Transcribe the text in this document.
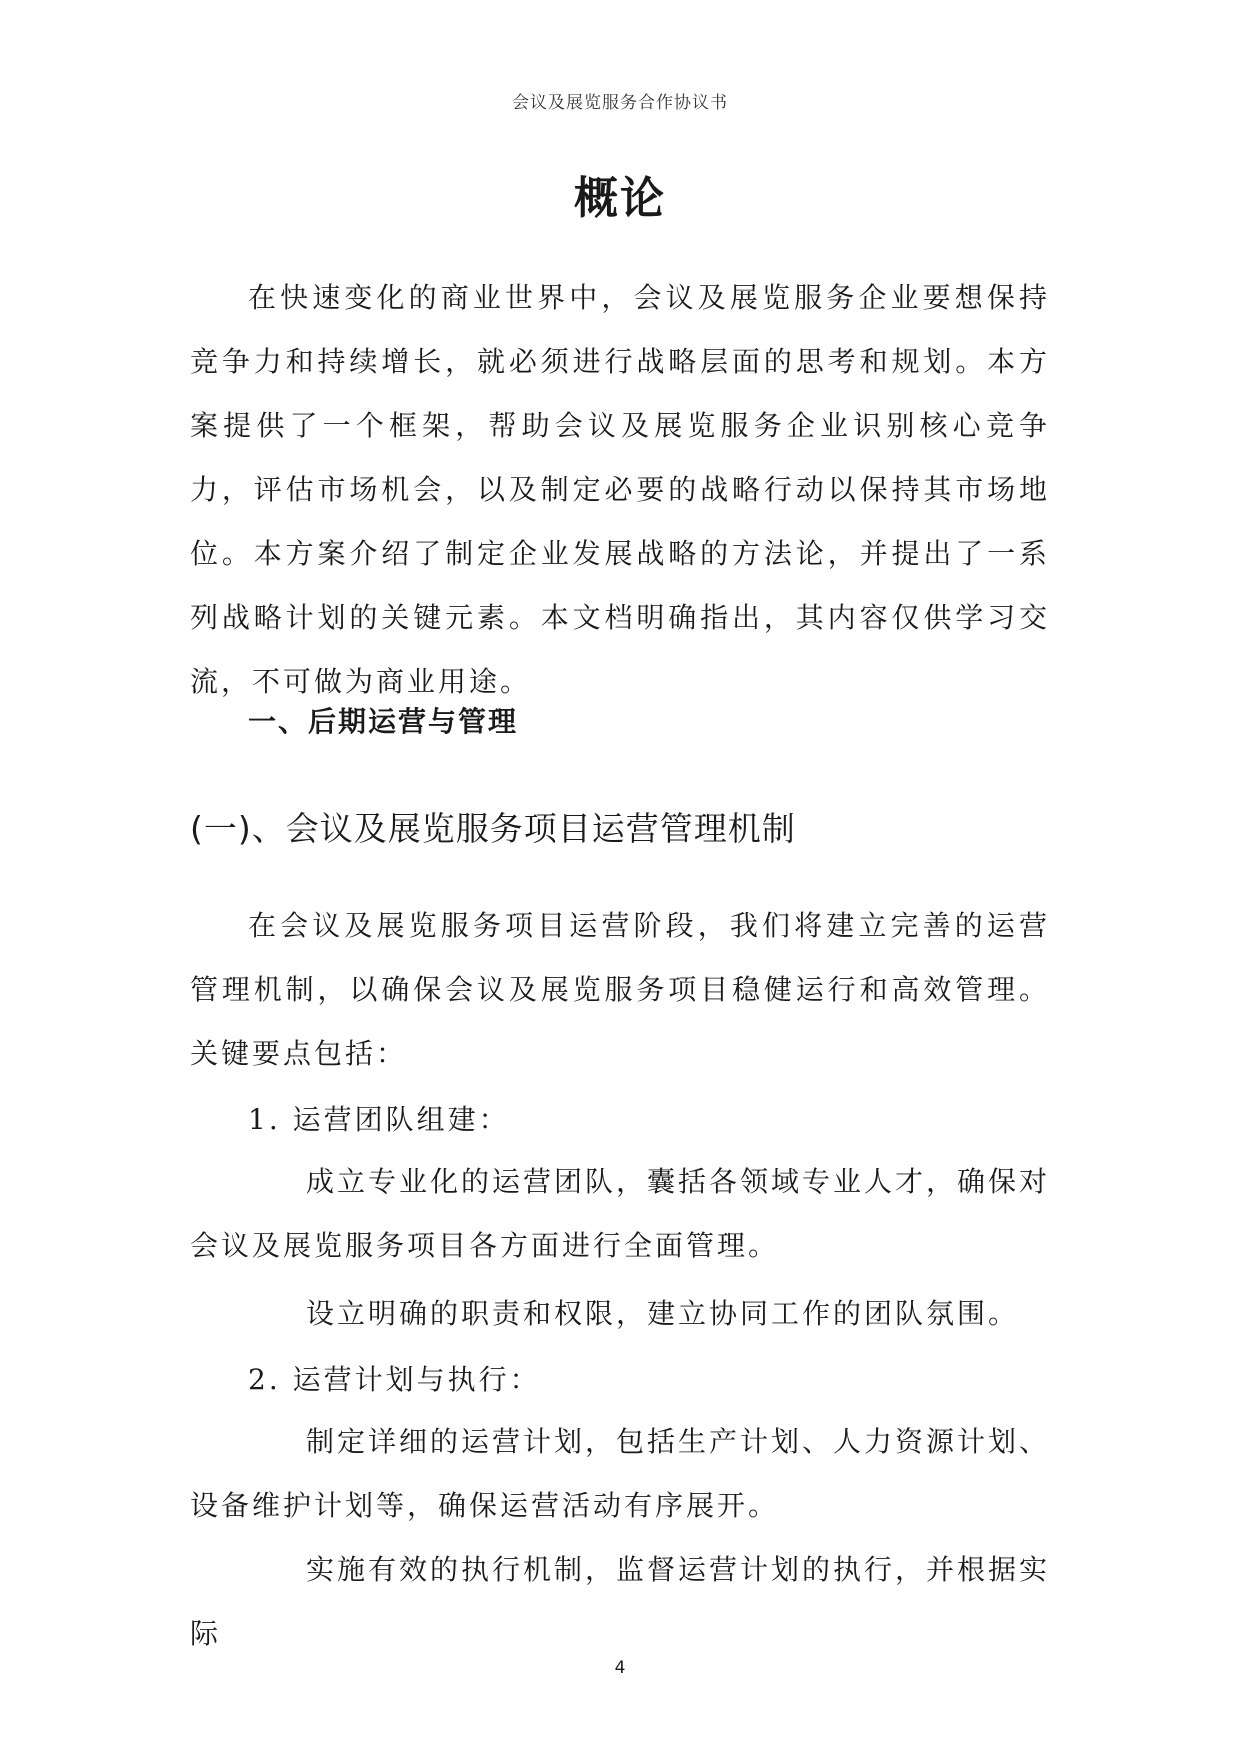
会议及展览服务合作协议书
概论

在快速变化的商业世界中，会议及展览服务企业要想保持竞争力和持续增长，就必须进行战略层面的思考和规划。本方案提供了一个框架，帮助会议及展览服务企业识别核心竞争力，评估市场机会，以及制定必要的战略行动以保持其市场地位。本方案介绍了制定企业发展战略的方法论，并提出了一系列战略计划的关键元素。本文档明确指出，其内容仅供学习交流，不可做为商业用途。

一、后期运营与管理
(一)、会议及展览服务项目运营管理机制

在会议及展览服务项目运营阶段，我们将建立完善的运营管理机制，以确保会议及展览服务项目稳健运行和高效管理。关键要点包括：

1. 运营团队组建：

成立专业化的运营团队，囊括各领域专业人才，确保对会议及展览服务项目各方面进行全面管理。

设立明确的职责和权限，建立协同工作的团队氛围。

2. 运营计划与执行：

制定详细的运营计划，包括生产计划、人力资源计划、设备维护计划等，确保运营活动有序展开。

实施有效的执行机制，监督运营计划的执行，并根据实际

4
